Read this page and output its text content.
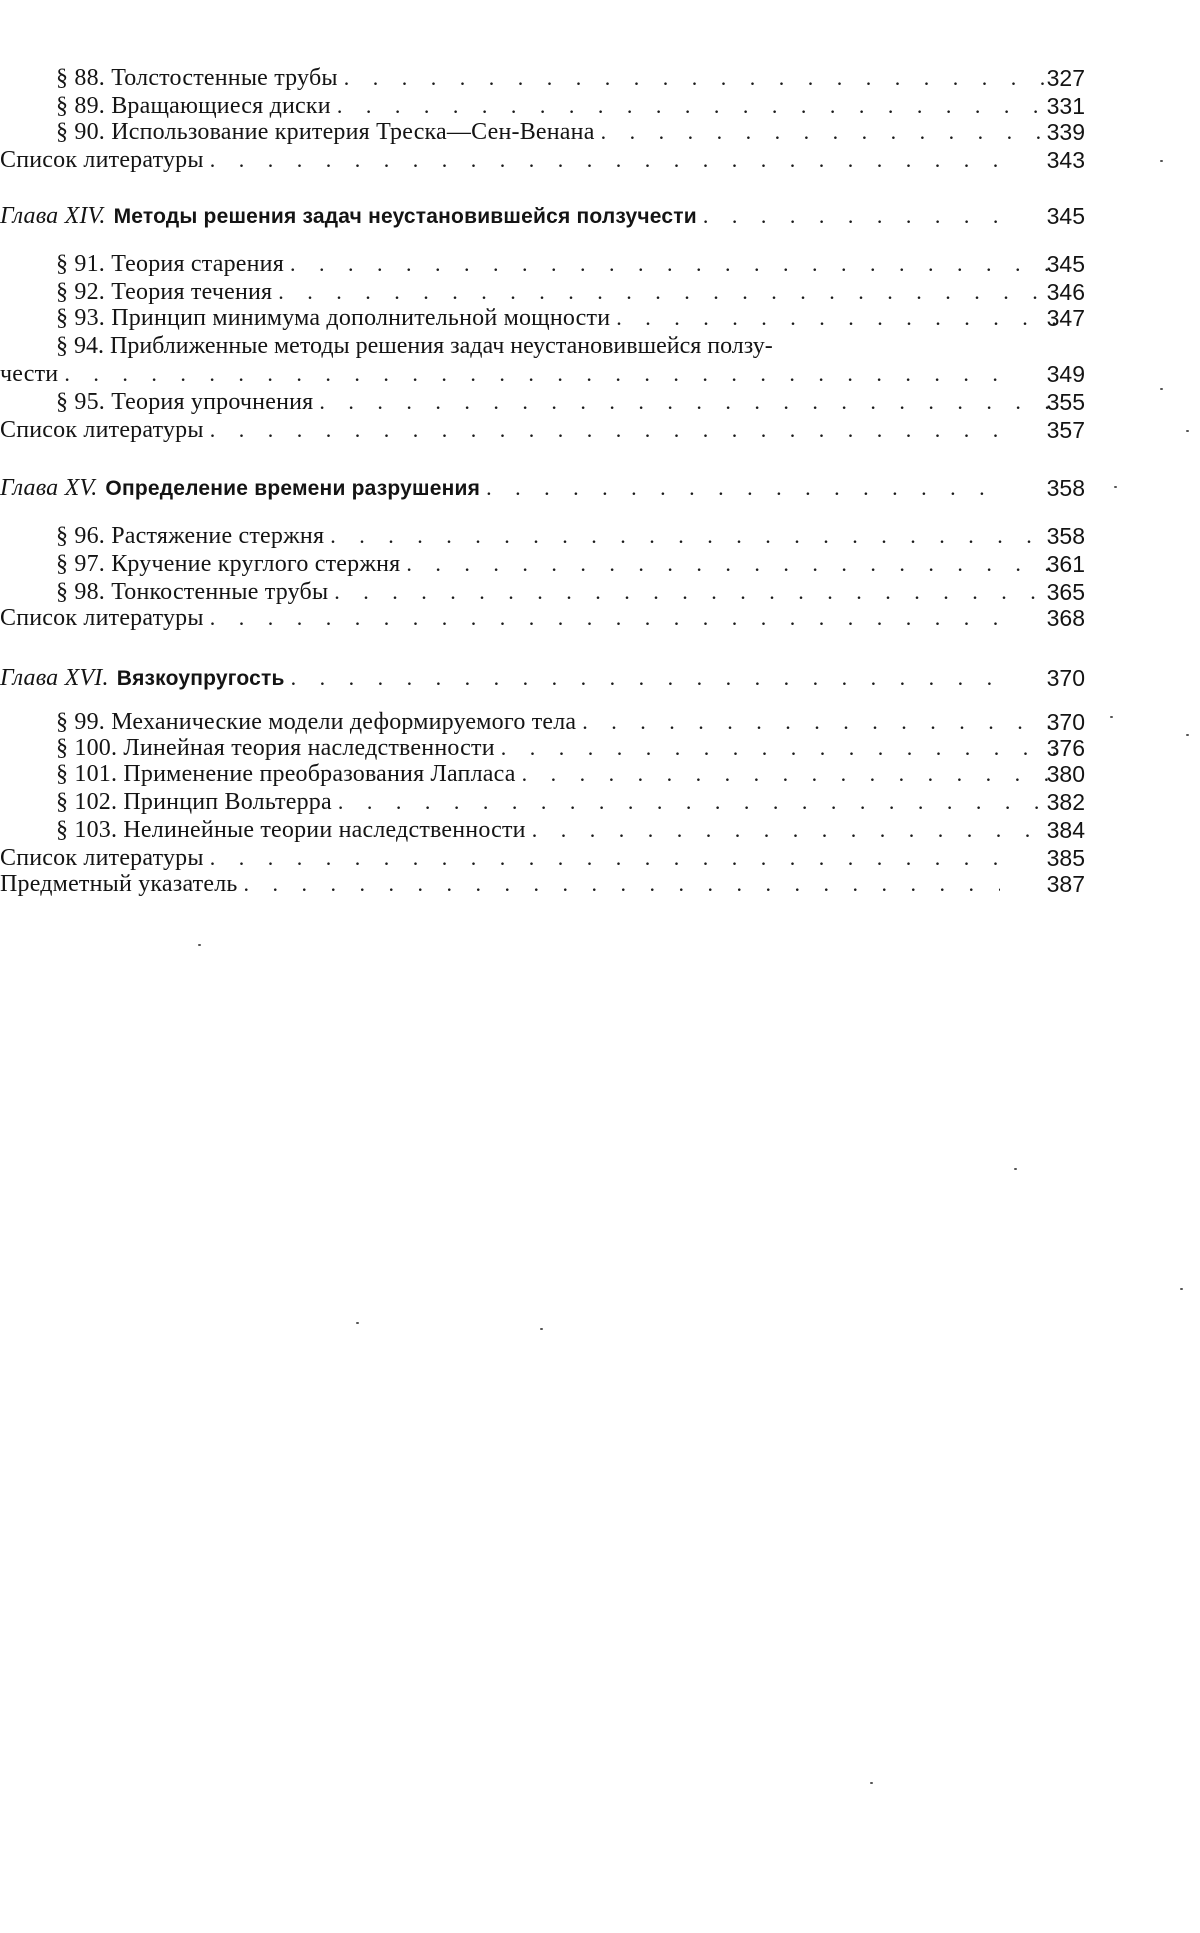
§ 88. Толстостенные трубы . . .	327
§ 89. Вращающиеся диски . . .	331
§ 90. Использование критерия Треска—Сен-Венана . . .	339
Список литературы . . .	343
Глава XIV. Методы решения задач неустановившейся ползучести . . .	345
§ 91. Теория старения . . .	345
§ 92. Теория течения . . .	346
§ 93. Принцип минимума дополнительной мощности . . .	347
§ 94. Приближенные методы решения задач неустановившейся ползу-
чести . . .	349
§ 95. Теория упрочнения . . .	355
Список литературы . . .	357
Глава XV. Определение времени разрушения . . .	358
§ 96. Растяжение стержня . . .	358
§ 97. Кручение круглого стержня . . .	361
§ 98. Тонкостенные трубы . . .	365
Список литературы . . .	368
Глава XVI. Вязкоупругость . . .	370
§ 99. Механические модели деформируемого тела . . .	370
§ 100. Линейная теория наследственности . . .	376
§ 101. Применение преобразования Лапласа . . .	380
§ 102. Принцип Вольтерра . . .	382
§ 103. Нелинейные теории наследственности . . .	384
Список литературы . . .	385
Предметный указатель . . .	387
